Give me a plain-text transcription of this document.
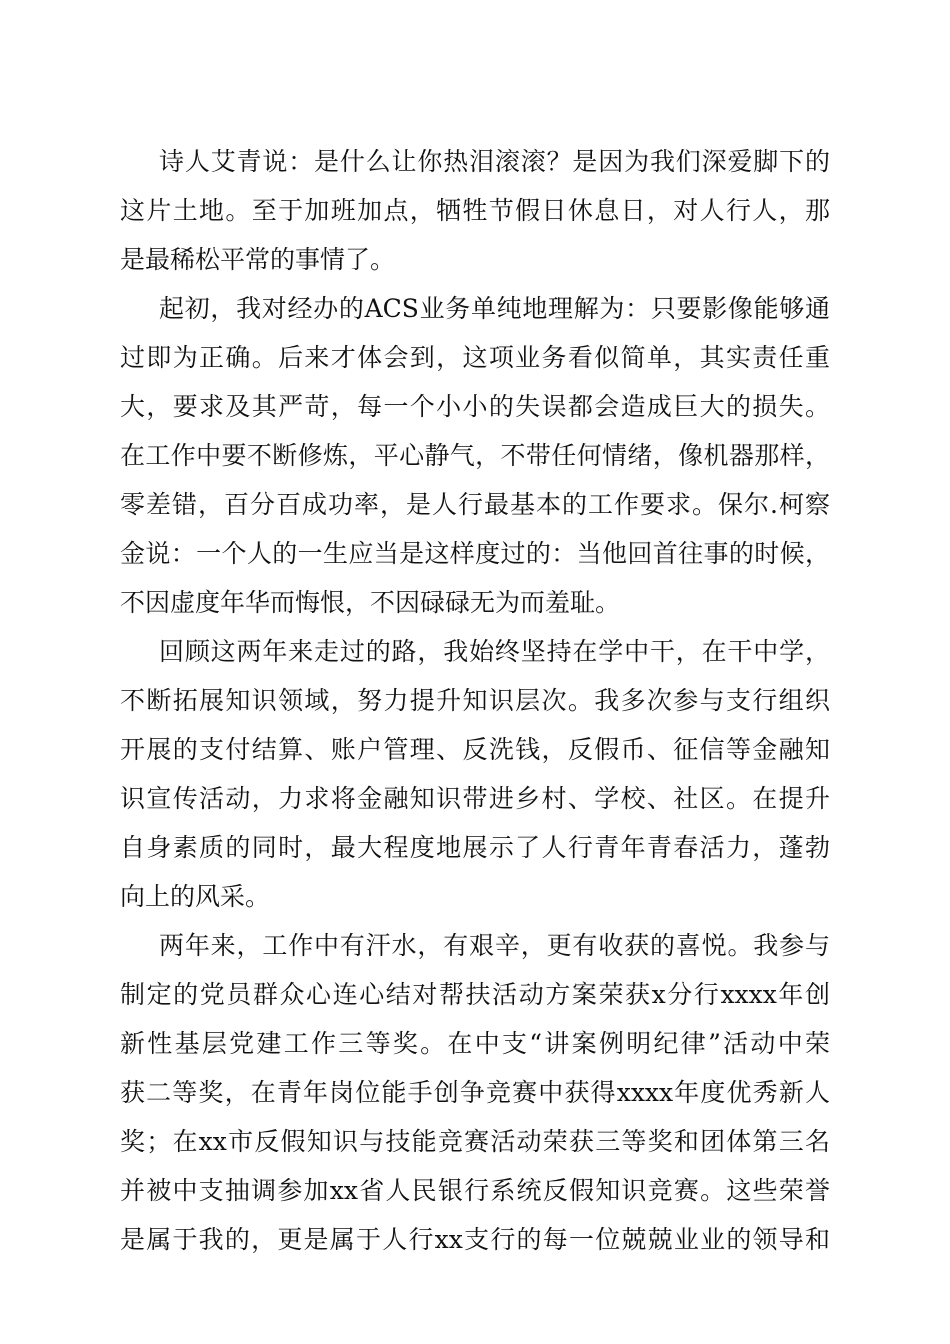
诗人艾青说：是什么让你热泪滚滚？是因为我们深爱脚下的
这片土地。至于加班加点，牺牲节假日休息日，对人行人，那
是最稀松平常的事情了。
起初，我对经办的ACS业务单纯地理解为：只要影像能够通
过即为正确。后来才体会到，这项业务看似简单，其实责任重
大，要求及其严苛，每一个小小的失误都会造成巨大的损失。
在工作中要不断修炼，平心静气，不带任何情绪，像机器那样，
零差错，百分百成功率，是人行最基本的工作要求。保尔.柯察
金说：一个人的一生应当是这样度过的：当他回首往事的时候，
不因虚度年华而悔恨，不因碌碌无为而羞耻。
回顾这两年来走过的路，我始终坚持在学中干，在干中学，
不断拓展知识领域，努力提升知识层次。我多次参与支行组织
开展的支付结算、账户管理、反洗钱，反假币、征信等金融知
识宣传活动，力求将金融知识带进乡村、学校、社区。在提升
自身素质的同时，最大程度地展示了人行青年青春活力，蓬勃
向上的风采。
两年来，工作中有汗水，有艰辛，更有收获的喜悦。我参与
制定的党员群众心连心结对帮扶活动方案荣获x分行xxxx年创
新性基层党建工作三等奖。在中支“讲案例明纪律”活动中荣
获二等奖，在青年岗位能手创争竞赛中获得xxxx年度优秀新人
奖；在xx市反假知识与技能竞赛活动荣获三等奖和团体第三名
并被中支抽调参加xx省人民银行系统反假知识竞赛。这些荣誉
是属于我的，更是属于人行xx支行的每一位兢兢业业的领导和
